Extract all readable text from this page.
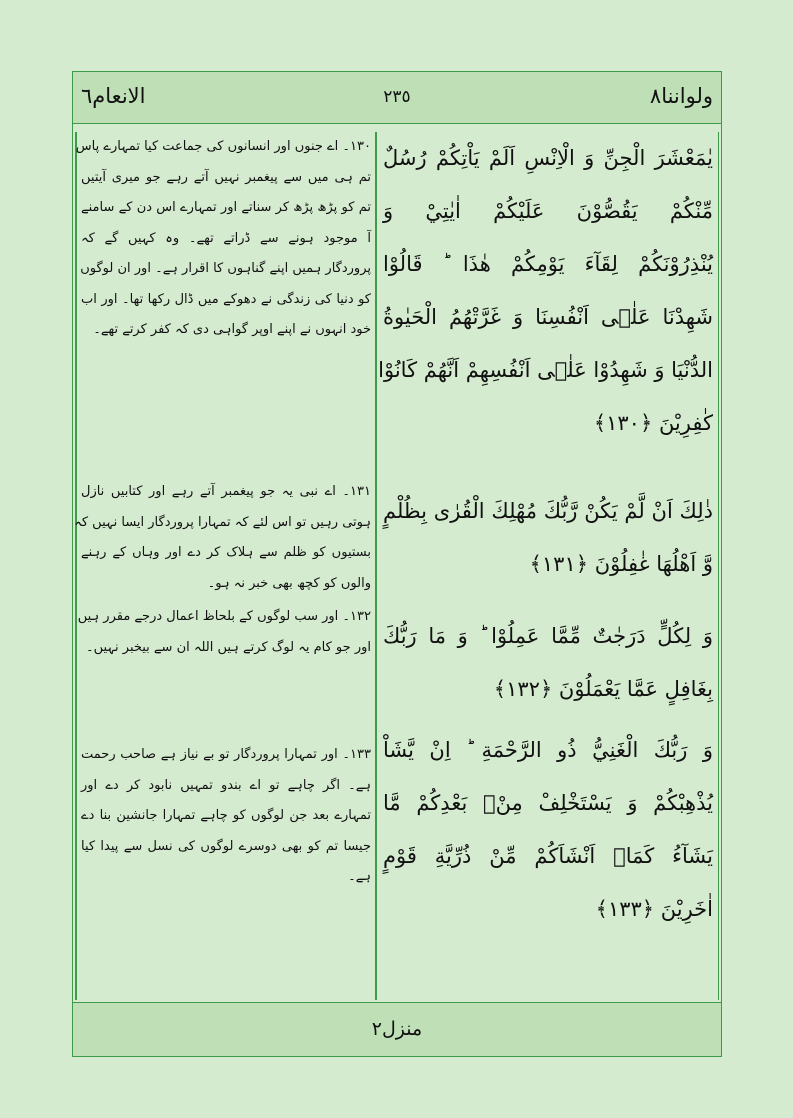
ولواننا٨
٢٣٥
الانعام٦
يٰمَعْشَرَ الْجِنِّ وَ الْاِنْسِ اَلَمْ يَاْتِكُمْ رُسُلٌ
مِّنْكُمْ يَقُصُّوْنَ عَلَيْكُمْ اٰيٰتِيْ وَ
يُنْذِرُوْنَكُمْ لِقَآءَ يَوْمِكُمْ هٰذَا ؕ قَالُوْا
شَهِدْنَا عَلٰۤى اَنْفُسِنَا وَ غَرَّتْهُمُ الْحَيٰوةُ
الدُّنْيَا وَ شَهِدُوْا عَلٰۤى اَنْفُسِهِمْ اَنَّهُمْ كَانُوْا
كٰفِرِيْنَ ﴿١٣٠﴾
۱۳۰۔ اے جنوں اور انسانوں کی جماعت کیا تمہارے پاس
تم ہی میں سے پیغمبر نہیں آتے رہے جو میری آیتیں
تم کو پڑھ پڑھ کر سناتے اور تمہارے اس دن کے سامنے
آ موجود ہونے سے ڈراتے تھے۔ وہ کہیں گے کہ
پروردگار ہمیں اپنے گناہوں کا اقرار ہے۔ اور ان لوگوں
کو دنیا کی زندگی نے دھوکے میں ڈال رکھا تھا۔ اور اب
خود انہوں نے اپنے اوپر گواہی دی کہ کفر کرتے تھے۔
ذٰلِكَ اَنْ لَّمْ يَكُنْ رَّبُّكَ مُهْلِكَ الْقُرٰى بِظُلْمٍ
وَّ اَهْلُهَا غٰفِلُوْنَ ﴿١٣١﴾
۱۳۱۔ اے نبی یہ جو پیغمبر آتے رہے اور کتابیں نازل
ہوتی رہیں تو اس لئے کہ تمہارا پروردگار ایسا نہیں کہ
بستیوں کو ظلم سے ہلاک کر دے اور وہاں کے رہنے
والوں کو کچھ بھی خبر نہ ہو۔
وَ لِكُلٍّ دَرَجٰتٌ مِّمَّا عَمِلُوْا ؕ وَ مَا رَبُّكَ
بِغَافِلٍ عَمَّا يَعْمَلُوْنَ ﴿١٣٢﴾
۱۳۲۔ اور سب لوگوں کے بلحاظ اعمال درجے مقرر ہیں
اور جو کام یہ لوگ کرتے ہیں اللہ ان سے بیخبر نہیں۔
وَ رَبُّكَ الْغَنِيُّ ذُو الرَّحْمَةِ ؕ اِنْ يَّشَاْ
يُذْهِبْكُمْ وَ يَسْتَخْلِفْ مِنْۢ بَعْدِكُمْ مَّا
يَشَآءُ كَمَاۤ اَنْشَاَكُمْ مِّنْ ذُرِّيَّةِ قَوْمٍ
اٰخَرِيْنَ ﴿١٣٣﴾
۱۳۳۔ اور تمہارا پروردگار تو بے نیاز ہے صاحب رحمت
ہے۔ اگر چاہے تو اے بندو تمہیں نابود کر دے اور
تمہارے بعد جن لوگوں کو چاہے تمہارا جانشین بنا دے
جیسا تم کو بھی دوسرے لوگوں کی نسل سے پیدا کیا
ہے۔
منزل۲
